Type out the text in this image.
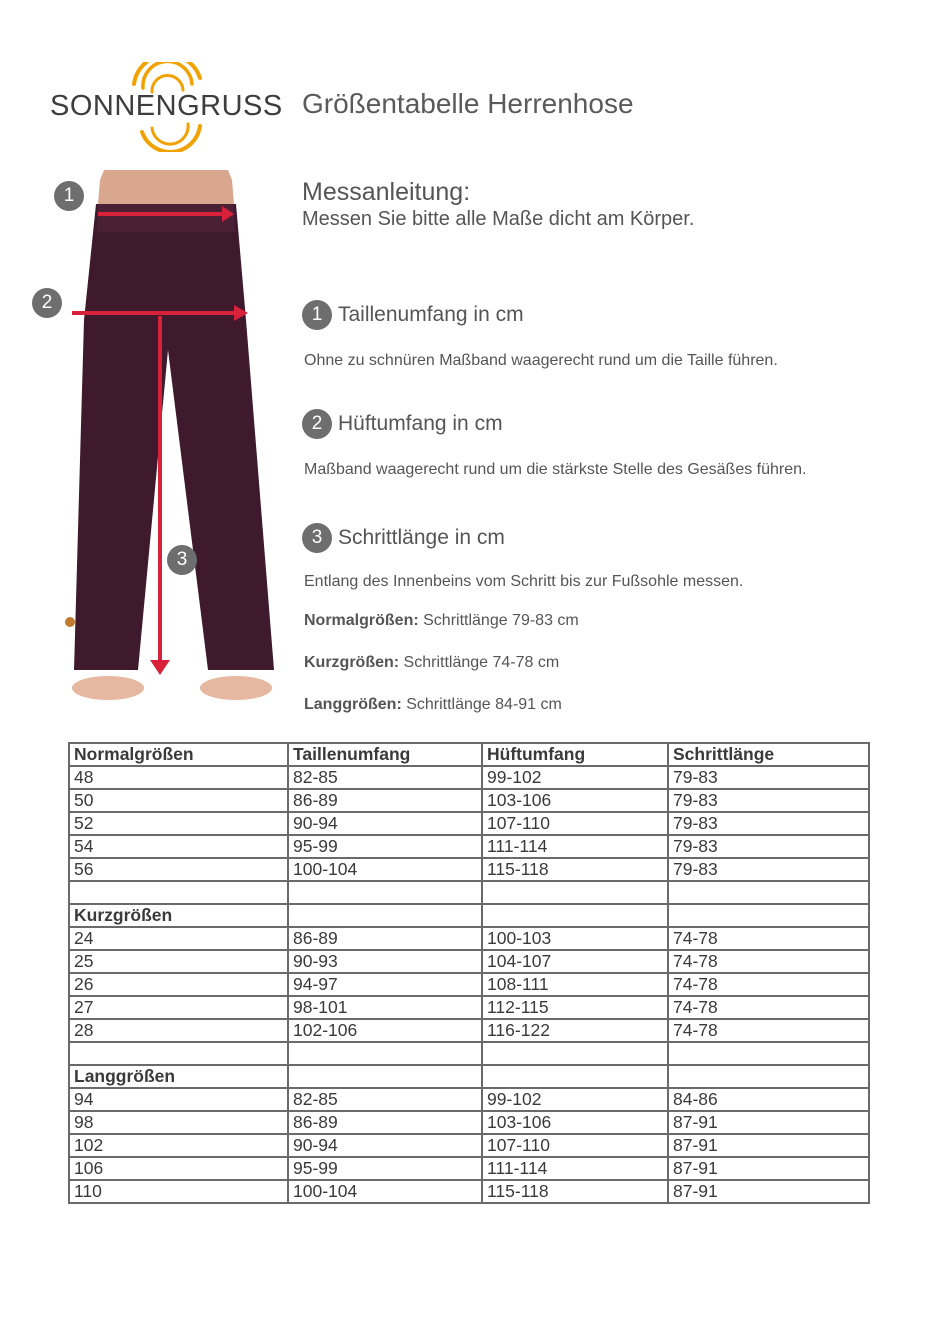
SONNENGRUSS Größentabelle Herrenhose
1
2
3
Messanleitung:
Messen Sie bitte alle Maße dicht am Körper.
1 Taillenumfang in cm
Ohne zu schnüren Maßband waagerecht rund um die Taille führen.
2 Hüftumfang in cm
Maßband waagerecht rund um die stärkste Stelle des Gesäßes führen.
3 Schrittlänge in cm
Entlang des Innenbeins vom Schritt bis zur Fußsohle messen.
Normalgrößen: Schrittlänge 79-83 cm
Kurzgrößen: Schrittlänge 74-78 cm
Langgrößen: Schrittlänge 84-91 cm
Normalgrößen	Taillenumfang	Hüftumfang	Schrittlänge
48	82-85	99-102	79-83
50	86-89	103-106	79-83
52	90-94	107-110	79-83
54	95-99	111-114	79-83
56	100-104	115-118	79-83

Kurzgrößen			
24	86-89	100-103	74-78
25	90-93	104-107	74-78
26	94-97	108-111	74-78
27	98-101	112-115	74-78
28	102-106	116-122	74-78

Langgrößen			
94	82-85	99-102	84-86
98	86-89	103-106	87-91
102	90-94	107-110	87-91
106	95-99	111-114	87-91
110	100-104	115-118	87-91
